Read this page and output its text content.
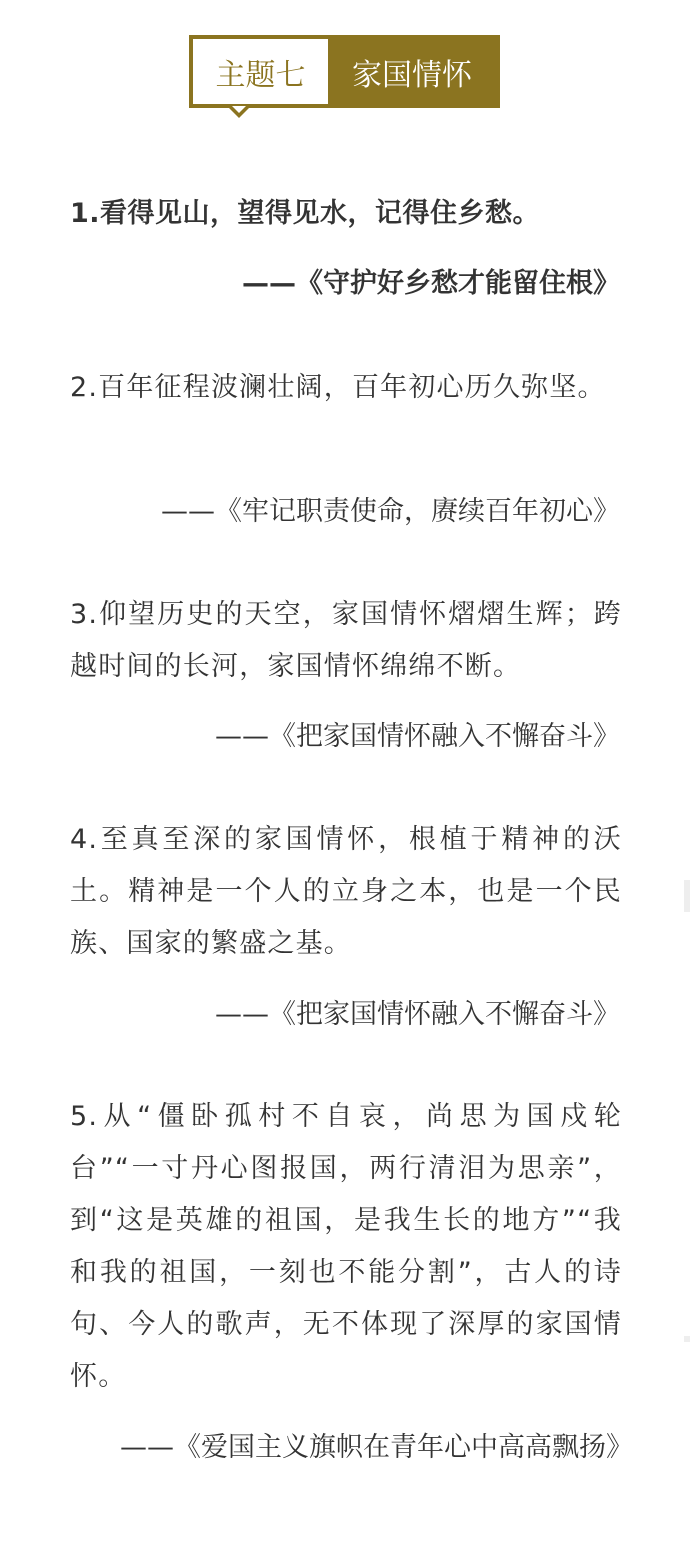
主题七	家国情怀
1.看得见山，望得见水，记得住乡愁。
——《守护好乡愁才能留住根》
2.百年征程波澜壮阔，百年初心历久弥坚。
——《牢记职责使命，赓续百年初心》
3.仰望历史的天空，家国情怀熠熠生辉；跨越时间的长河，家国情怀绵绵不断。
——《把家国情怀融入不懈奋斗》
4.至真至深的家国情怀，根植于精神的沃土。精神是一个人的立身之本，也是一个民族、国家的繁盛之基。
——《把家国情怀融入不懈奋斗》
5.从“僵卧孤村不自哀，尚思为国戍轮台”“一寸丹心图报国，两行清泪为思亲”，到“这是英雄的祖国，是我生长的地方”“我和我的祖国，一刻也不能分割”，古人的诗句、今人的歌声，无不体现了深厚的家国情怀。
——《爱国主义旗帜在青年心中高高飘扬》
